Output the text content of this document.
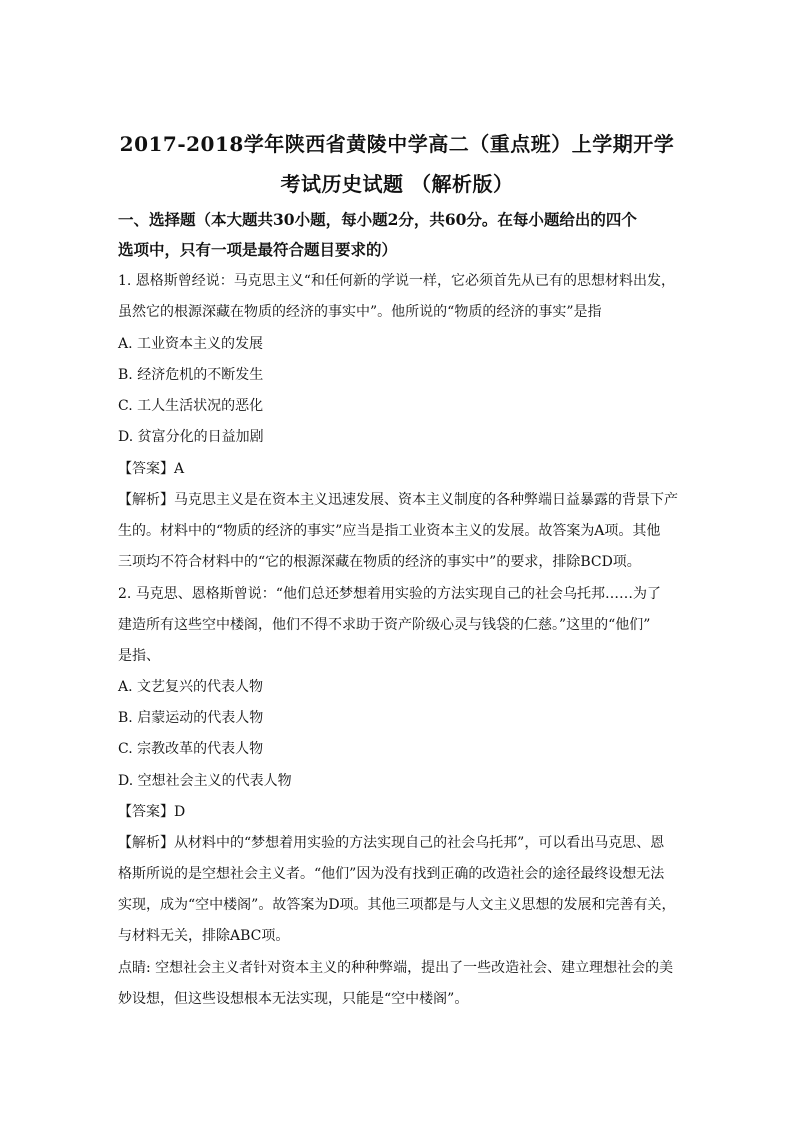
2017-2018学年陕西省黄陵中学高二（重点班）上学期开学
考试历史试题 （解析版）
一、选择题（本大题共30小题，每小题2分，共60分。在每小题给出的四个
选项中，只有一项是最符合题目要求的）
1. 恩格斯曾经说：马克思主义“和任何新的学说一样，它必须首先从已有的思想材料出发，
虽然它的根源深藏在物质的经济的事实中”。他所说的“物质的经济的事实”是指
A. 工业资本主义的发展
B. 经济危机的不断发生
C. 工人生活状况的恶化
D. 贫富分化的日益加剧
【答案】A
【解析】马克思主义是在资本主义迅速发展、资本主义制度的各种弊端日益暴露的背景下产
生的。材料中的“物质的经济的事实”应当是指工业资本主义的发展。故答案为A项。其他
三项均不符合材料中的“它的根源深藏在物质的经济的事实中”的要求，排除BCD项。
2. 马克思、恩格斯曾说：“他们总还梦想着用实验的方法实现自己的社会乌托邦……为了
建造所有这些空中楼阁，他们不得不求助于资产阶级心灵与钱袋的仁慈。”这里的“他们”
是指、
A. 文艺复兴的代表人物
B. 启蒙运动的代表人物
C. 宗教改革的代表人物
D. 空想社会主义的代表人物
【答案】D
【解析】从材料中的“梦想着用实验的方法实现自己的社会乌托邦”，可以看出马克思、恩
格斯所说的是空想社会主义者。“他们”因为没有找到正确的改造社会的途径最终设想无法
实现，成为“空中楼阁”。故答案为D项。其他三项都是与人文主义思想的发展和完善有关，
与材料无关，排除ABC项。
点睛: 空想社会主义者针对资本主义的种种弊端，提出了一些改造社会、建立理想社会的美
妙设想，但这些设想根本无法实现，只能是“空中楼阁”。
